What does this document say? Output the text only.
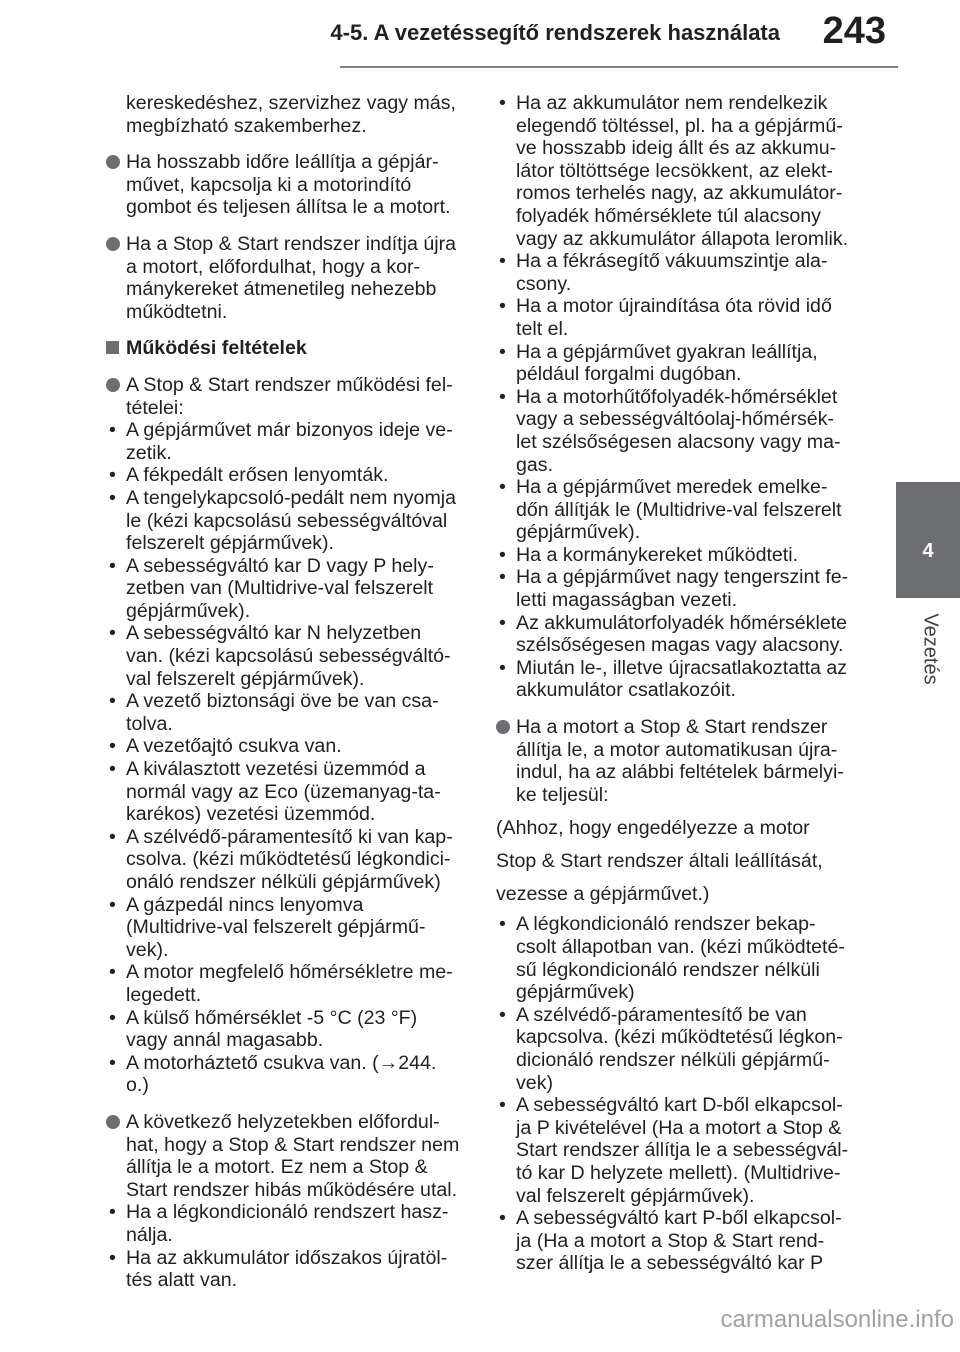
4-5. A vezetéssegítő rendszerek használata 243
4
Vezetés
kereskedéshez, szervizhez vagy más,
megbízható szakemberhez.
Ha hosszabb időre leállítja a gépjár-
művet, kapcsolja ki a motorindító
gombot és teljesen állítsa le a motort.
Ha a Stop & Start rendszer indítja újra
a motort, előfordulhat, hogy a kor-
mánykereket átmenetileg nehezebb
működtetni.
Működési feltételek
A Stop & Start rendszer működési fel-
tételei:
• A gépjárművet már bizonyos ideje ve-
zetik.
• A fékpedált erősen lenyomták.
• A tengelykapcsoló-pedált nem nyomja
le (kézi kapcsolású sebességváltóval
felszerelt gépjárművek).
• A sebességváltó kar D vagy P hely-
zetben van (Multidrive-val felszerelt
gépjárművek).
• A sebességváltó kar N helyzetben
van. (kézi kapcsolású sebességváltó-
val felszerelt gépjárművek).
• A vezető biztonsági öve be van csa-
tolva.
• A vezetőajtó csukva van.
• A kiválasztott vezetési üzemmód a
normál vagy az Eco (üzemanyag-ta-
karékos) vezetési üzemmód.
• A szélvédő-páramentesítő ki van kap-
csolva. (kézi működtetésű légkondici-
onáló rendszer nélküli gépjárművek)
• A gázpedál nincs lenyomva
(Multidrive-val felszerelt gépjármű-
vek).
• A motor megfelelő hőmérsékletre me-
legedett.
• A külső hőmérséklet -5 °C (23 °F)
vagy annál magasabb.
• A motorháztető csukva van. (→244.
o.)
A következő helyzetekben előfordul-
hat, hogy a Stop & Start rendszer nem
állítja le a motort. Ez nem a Stop &
Start rendszer hibás működésére utal.
• Ha a légkondicionáló rendszert hasz-
nálja.
• Ha az akkumulátor időszakos újratöl-
tés alatt van.
• Ha az akkumulátor nem rendelkezik
elegendő töltéssel, pl. ha a gépjármű-
ve hosszabb ideig állt és az akkumu-
látor töltöttsége lecsökkent, az elekt-
romos terhelés nagy, az akkumulátor-
folyadék hőmérséklete túl alacsony
vagy az akkumulátor állapota leromlik.
• Ha a fékrásegítő vákuumszintje ala-
csony.
• Ha a motor újraindítása óta rövid idő
telt el.
• Ha a gépjárművet gyakran leállítja,
például forgalmi dugóban.
• Ha a motorhűtőfolyadék-hőmérséklet
vagy a sebességváltóolaj-hőmérsék-
let szélsőségesen alacsony vagy ma-
gas.
• Ha a gépjárművet meredek emelke-
dőn állítják le (Multidrive-val felszerelt
gépjárművek).
• Ha a kormánykereket működteti.
• Ha a gépjárművet nagy tengerszint fe-
letti magasságban vezeti.
• Az akkumulátorfolyadék hőmérséklete
szélsőségesen magas vagy alacsony.
• Miután le-, illetve újracsatlakoztatta az
akkumulátor csatlakozóit.
Ha a motort a Stop & Start rendszer
állítja le, a motor automatikusan újra-
indul, ha az alábbi feltételek bármelyi-
ke teljesül:
(Ahhoz, hogy engedélyezze a motor
Stop & Start rendszer általi leállítását,
vezesse a gépjárművet.)
• A légkondicionáló rendszer bekap-
csolt állapotban van. (kézi működteté-
sű légkondicionáló rendszer nélküli
gépjárművek)
• A szélvédő-páramentesítő be van
kapcsolva. (kézi működtetésű légkon-
dicionáló rendszer nélküli gépjármű-
vek)
• A sebességváltó kart D-ből elkapcsol-
ja P kivételével (Ha a motort a Stop &
Start rendszer állítja le a sebességvál-
tó kar D helyzete mellett). (Multidrive-
val felszerelt gépjárművek).
• A sebességváltó kart P-ből elkapcsol-
ja (Ha a motort a Stop & Start rend-
szer állítja le a sebességváltó kar P
carmanualsonline.info
